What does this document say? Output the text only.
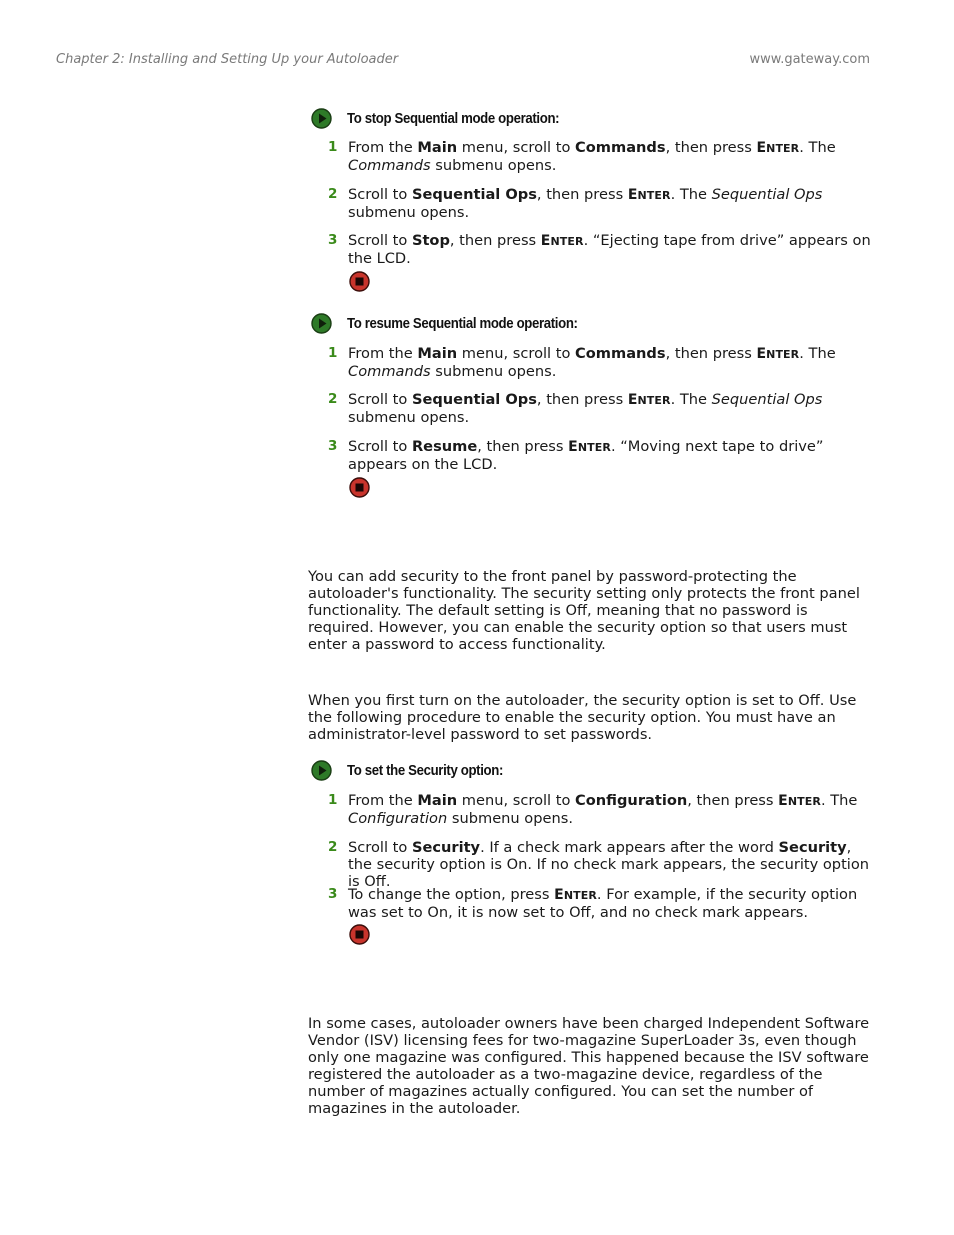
Chapter 2: Installing and Setting Up your Autoloader	www.gateway.com
To stop Sequential mode operation:
1 From the Main menu, scroll to Commands, then press ENTER. The Commands submenu opens.
2 Scroll to Sequential Ops, then press ENTER. The Sequential Ops submenu opens.
3 Scroll to Stop, then press ENTER. “Ejecting tape from drive” appears on the LCD.
To resume Sequential mode operation:
1 From the Main menu, scroll to Commands, then press ENTER. The Commands submenu opens.
2 Scroll to Sequential Ops, then press ENTER. The Sequential Ops submenu opens.
3 Scroll to Resume, then press ENTER. “Moving next tape to drive” appears on the LCD.
You can add security to the front panel by password-protecting the autoloader's functionality. The security setting only protects the front panel functionality. The default setting is Off, meaning that no password is required. However, you can enable the security option so that users must enter a password to access functionality.
When you first turn on the autoloader, the security option is set to Off. Use the following procedure to enable the security option. You must have an administrator-level password to set passwords.
To set the Security option:
1 From the Main menu, scroll to Configuration, then press ENTER. The Configuration submenu opens.
2 Scroll to Security. If a check mark appears after the word Security, the security option is On. If no check mark appears, the security option is Off.
3 To change the option, press ENTER. For example, if the security option was set to On, it is now set to Off, and no check mark appears.
In some cases, autoloader owners have been charged Independent Software Vendor (ISV) licensing fees for two-magazine SuperLoader 3s, even though only one magazine was configured. This happened because the ISV software registered the autoloader as a two-magazine device, regardless of the number of magazines actually configured. You can set the number of magazines in the autoloader.
